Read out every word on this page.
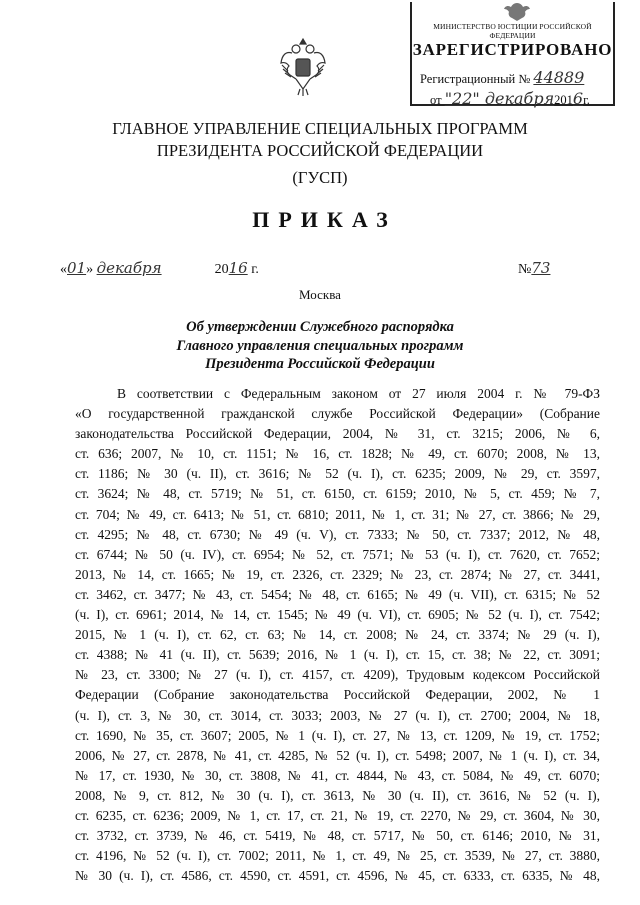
МИНИСТЕРСТВО ЮСТИЦИИ РОССИЙСКОЙ ФЕДЕРАЦИИ
ЗАРЕГИСТРИРОВАНО
Регистрационный № 44889
от "22" декабря2016г.
ГЛАВНОЕ УПРАВЛЕНИЕ СПЕЦИАЛЬНЫХ ПРОГРАММ
ПРЕЗИДЕНТА РОССИЙСКОЙ ФЕДЕРАЦИИ
(ГУСП)
ПРИКАЗ
«01» декабря	2016 г.	№73
Москва
Об утверждении Служебного распорядка
Главного управления специальных программ
Президента Российской Федерации
В соответствии с Федеральным законом от 27 июля 2004 г. № 79-ФЗ
«О государственной гражданской службе Российской Федерации» (Собрание
законодательства Российской Федерации, 2004, № 31, ст. 3215; 2006, № 6,
ст. 636; 2007, № 10, ст. 1151; № 16, ст. 1828; № 49, ст. 6070; 2008, № 13,
ст. 1186; № 30 (ч. II), ст. 3616; № 52 (ч. I), ст. 6235; 2009, № 29, ст. 3597,
ст. 3624; № 48, ст. 5719; № 51, ст. 6150, ст. 6159; 2010, № 5, ст. 459; № 7,
ст. 704; № 49, ст. 6413; № 51, ст. 6810; 2011, № 1, ст. 31; № 27, ст. 3866; № 29,
ст. 4295; № 48, ст. 6730; № 49 (ч. V), ст. 7333; № 50, ст. 7337; 2012, № 48,
ст. 6744; № 50 (ч. IV), ст. 6954; № 52, ст. 7571; № 53 (ч. I), ст. 7620, ст. 7652;
2013, № 14, ст. 1665; № 19, ст. 2326, ст. 2329; № 23, ст. 2874; № 27, ст. 3441,
ст. 3462, ст. 3477; № 43, ст. 5454; № 48, ст. 6165; № 49 (ч. VII), ст. 6315; № 52
(ч. I), ст. 6961; 2014, № 14, ст. 1545; № 49 (ч. VI), ст. 6905; № 52 (ч. I), ст. 7542;
2015, № 1 (ч. I), ст. 62, ст. 63; № 14, ст. 2008; № 24, ст. 3374; № 29 (ч. I),
ст. 4388; № 41 (ч. II), ст. 5639; 2016, № 1 (ч. I), ст. 15, ст. 38; № 22, ст. 3091;
№ 23, ст. 3300; № 27 (ч. I), ст. 4157, ст. 4209), Трудовым кодексом Российской
Федерации (Собрание законодательства Российской Федерации, 2002, № 1
(ч. I), ст. 3, № 30, ст. 3014, ст. 3033; 2003, № 27 (ч. I), ст. 2700; 2004, № 18,
ст. 1690, № 35, ст. 3607; 2005, № 1 (ч. I), ст. 27, № 13, ст. 1209, № 19, ст. 1752;
2006, № 27, ст. 2878, № 41, ст. 4285, № 52 (ч. I), ст. 5498; 2007, № 1 (ч. I), ст. 34,
№ 17, ст. 1930, № 30, ст. 3808, № 41, ст. 4844, № 43, ст. 5084, № 49, ст. 6070;
2008, № 9, ст. 812, № 30 (ч. I), ст. 3613, № 30 (ч. II), ст. 3616, № 52 (ч. I),
ст. 6235, ст. 6236; 2009, № 1, ст. 17, ст. 21, № 19, ст. 2270, № 29, ст. 3604, № 30,
ст. 3732, ст. 3739, № 46, ст. 5419, № 48, ст. 5717, № 50, ст. 6146; 2010, № 31,
ст. 4196, № 52 (ч. I), ст. 7002; 2011, № 1, ст. 49, № 25, ст. 3539, № 27, ст. 3880,
№ 30 (ч. I), ст. 4586, ст. 4590, ст. 4591, ст. 4596, № 45, ст. 6333, ст. 6335, № 48,
